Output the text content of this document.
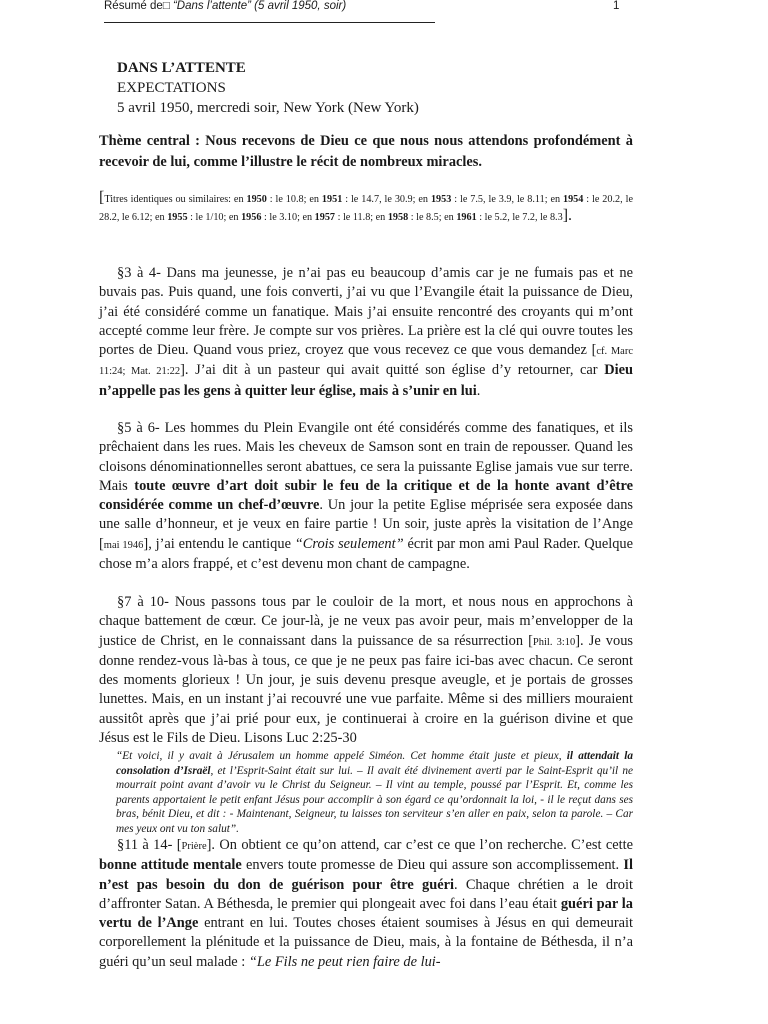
Résumé de□ “Dans l’attente” (5 avril 1950, soir)	1
DANS L’ATTENTE
EXPECTATIONS
5 avril 1950, mercredi soir, New York (New York)
Thème central : Nous recevons de Dieu ce que nous nous attendons profondément à recevoir de lui, comme l’illustre le récit de nombreux miracles.
[Titres identiques ou similaires: en 1950 : le 10.8; en 1951 : le 14.7, le 30.9; en 1953 : le 7.5, le 3.9, le 8.11; en 1954 : le 20.2, le 28.2, le 6.12; en 1955 : le 1/10; en 1956 : le 3.10; en 1957 : le 11.8; en 1958 : le 8.5; en 1961 : le 5.2, le 7.2, le 8.3].
§3 à 4- Dans ma jeunesse, je n’ai pas eu beaucoup d’amis car je ne fumais pas et ne buvais pas. Puis quand, une fois converti, j’ai vu que l’Evangile était la puissance de Dieu, j’ai été considéré comme un fanatique. Mais j’ai ensuite rencontré des croyants qui m’ont accepté comme leur frère. Je compte sur vos prières. La prière est la clé qui ouvre toutes les portes de Dieu. Quand vous priez, croyez que vous recevez ce que vous demandez [cf. Marc 11:24; Mat. 21:22]. J’ai dit à un pasteur qui avait quitté son église d’y retourner, car Dieu n’appelle pas les gens à quitter leur église, mais à s’unir en lui.
§5 à 6- Les hommes du Plein Evangile ont été considérés comme des fanatiques, et ils prêchaient dans les rues. Mais les cheveux de Samson sont en train de repousser. Quand les cloisons dénominationnelles seront abattues, ce sera la puissante Eglise jamais vue sur terre. Mais toute œuvre d’art doit subir le feu de la critique et de la honte avant d’être considérée comme un chef-d’œuvre. Un jour la petite Eglise méprisée sera exposée dans une salle d’honneur, et je veux en faire partie ! Un soir, juste après la visitation de l’Ange [mai 1946], j’ai entendu le cantique “Crois seulement” écrit par mon ami Paul Rader. Quelque chose m’a alors frappé, et c’est devenu mon chant de campagne.
§7 à 10- Nous passons tous par le couloir de la mort, et nous nous en approchons à chaque battement de cœur. Ce jour-là, je ne veux pas avoir peur, mais m’envelopper de la justice de Christ, en le connaissant dans la puissance de sa résurrection [Phil. 3:10]. Je vous donne rendez-vous là-bas à tous, ce que je ne peux pas faire ici-bas avec chacun. Ce seront des moments glorieux ! Un jour, je suis devenu presque aveugle, et je portais de grosses lunettes. Mais, en un instant j’ai recouvré une vue parfaite. Même si des milliers mouraient aussitôt après que j’ai prié pour eux, je continuerai à croire en la guérison divine et que Jésus est le Fils de Dieu. Lisons Luc 2:25-30
“Et voici, il y avait à Jérusalem un homme appelé Siméon. Cet homme était juste et pieux, il attendait la consolation d’Israël, et l’Esprit-Saint était sur lui. – Il avait été divinement averti par le Saint-Esprit qu’il ne mourrait point avant d’avoir vu le Christ du Seigneur. – Il vint au temple, poussé par l’Esprit. Et, comme les parents apportaient le petit enfant Jésus pour accomplir à son égard ce qu’ordonnait la loi, - il le reçut dans ses bras, bénit Dieu, et dit : - Maintenant, Seigneur, tu laisses ton serviteur s’en aller en paix, selon ta parole. – Car mes yeux ont vu ton salut”.
§11 à 14- [Prière]. On obtient ce qu’on attend, car c’est ce que l’on recherche. C’est cette bonne attitude mentale envers toute promesse de Dieu qui assure son accomplissement. Il n’est pas besoin du don de guérison pour être guéri. Chaque chrétien a le droit d’affronter Satan. A Béthesda, le premier qui plongeait avec foi dans l’eau était guéri par la vertu de l’Ange entrant en lui. Toutes choses étaient soumises à Jésus en qui demeurait corporellement la plénitude et la puissance de Dieu, mais, à la fontaine de Béthesda, il n’a guéri qu’un seul malade : “Le Fils ne peut rien faire de lui-
